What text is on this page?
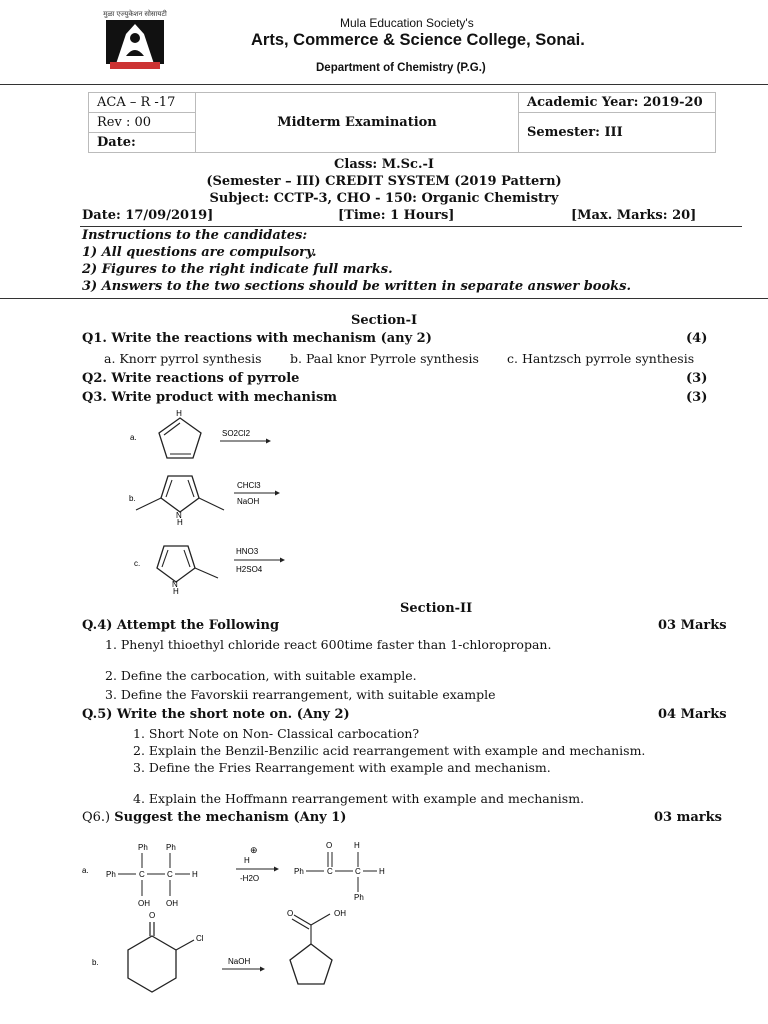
मुळा एज्युकेशन सोसायटी
Mula Education Society's
Arts, Commerce & Science College, Sonai.
Department of Chemistry (P.G.)
ACA – R -17	Midterm Examination	Academic Year: 2019-20
Rev : 00		Semester: III
Date:		
Class: M.Sc.-I
(Semester – III) CREDIT SYSTEM (2019 Pattern)
Subject: CCTP-3, CHO - 150: Organic Chemistry
Date: 17/09/2019]	[Time: 1 Hours]	[Max. Marks: 20]
Instructions to the candidates:
1) All questions are compulsory.
2) Figures to the right indicate full marks.
3) Answers to the two sections should be written in separate answer books.
Section-I
Q1. Write the reactions with mechanism (any 2)	(4)
a. Knorr pyrrol synthesis b. Paal knor Pyrrole synthesis c. Hantzsch pyrrole synthesis
Q2. Write reactions of pyrrole	(3)
Q3. Write product with mechanism	(3)
a.
H
SO2Cl2
b.
N
H
CHCl3
NaOH
c.
N
H
HNO3
H2SO4
Section-II
Q.4) Attempt the Following	03 Marks
1. Phenyl thioethyl chloride react 600time faster than 1-chloropropan.
2. Define the carbocation, with suitable example.
3. Define the Favorskii rearrangement, with suitable example
Q.5) Write the short note on. (Any 2)	04 Marks
1. Short Note on Non- Classical carbocation?
2. Explain the Benzil-Benzilic acid rearrangement with example and mechanism.
3. Define the Fries Rearrangement with example and mechanism.
4. Explain the Hoffmann rearrangement with example and mechanism.
Q6.) Suggest the mechanism (Any 1)	03 marks
a.
Ph Ph
Ph	C	C H
OH OH
⊕
H
-H2O
O	H
Ph	C	C H
Ph
b.
O
Cl
NaOH
O	OH
